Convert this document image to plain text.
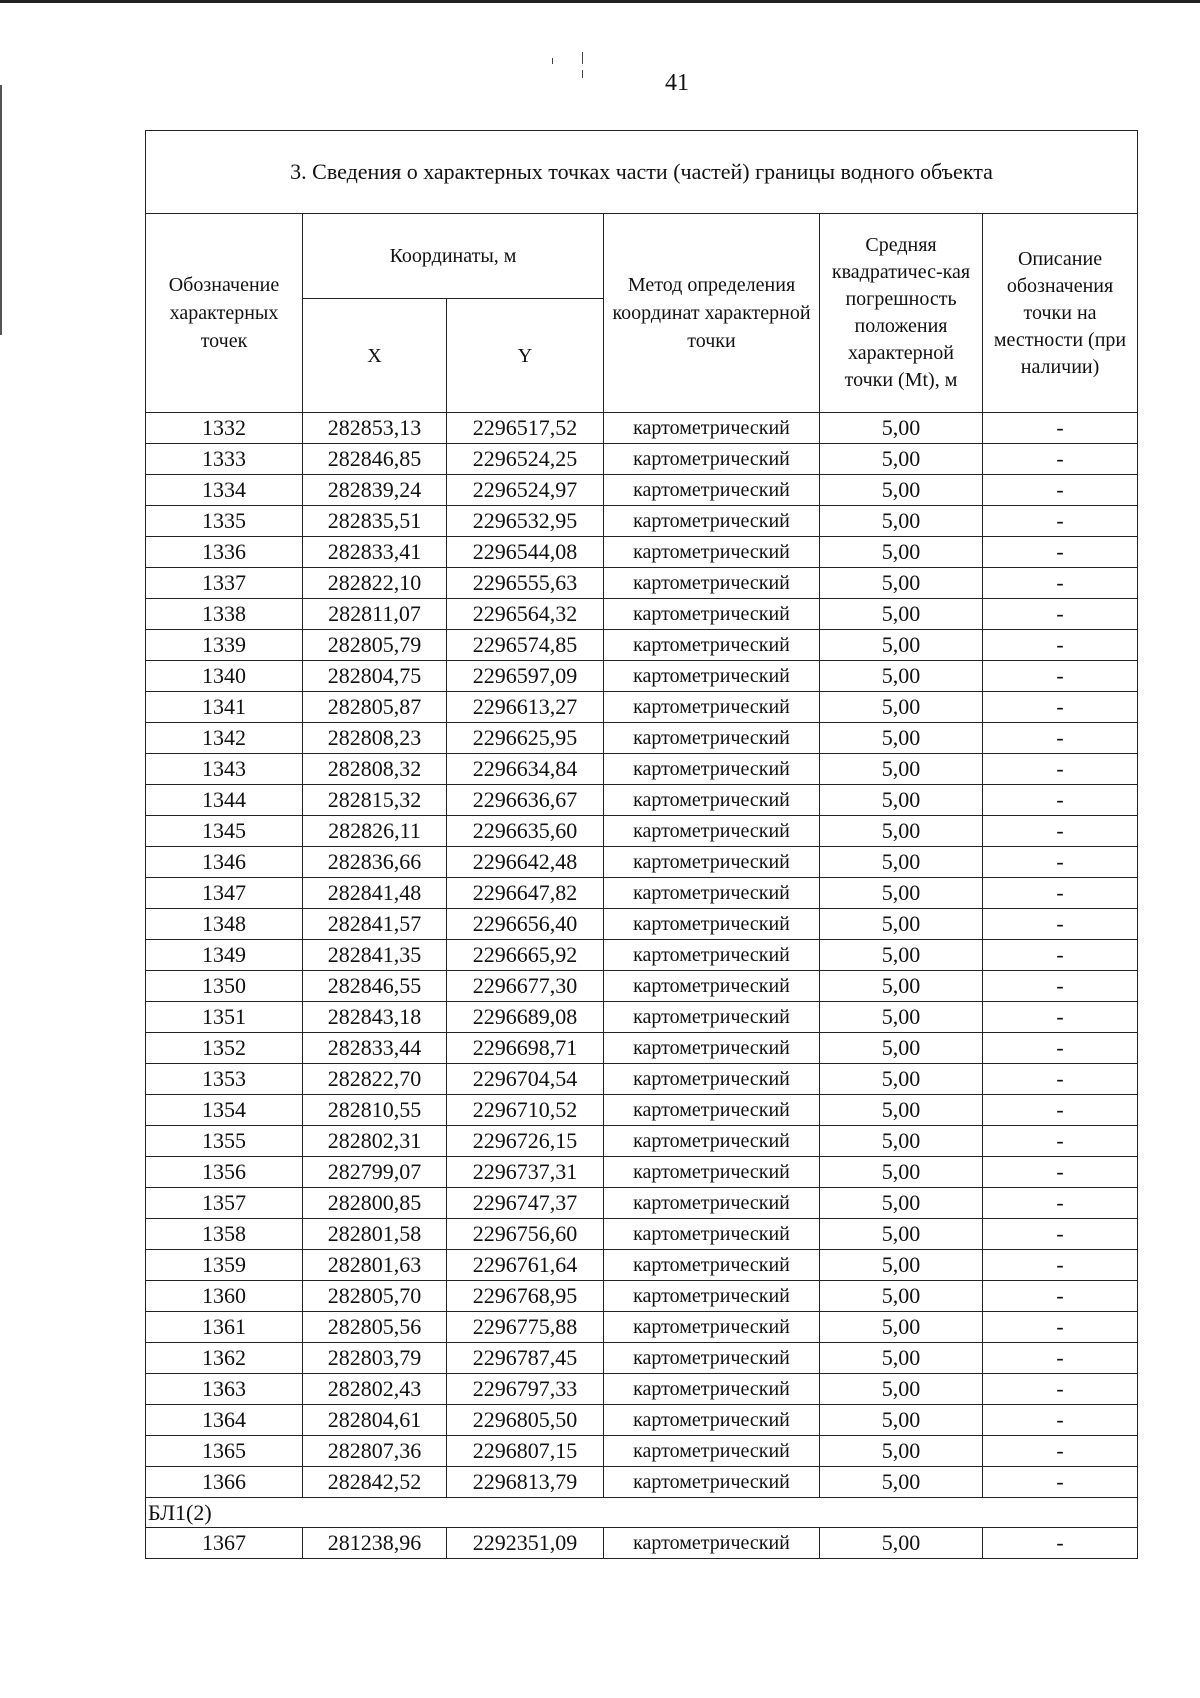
41
3. Сведения о характерных точках части (частей) границы водного объекта					
Обозначение характерных точек	Координаты, м		Метод определения координат характерной точки	Средняя квадратичес-кая погрешность положения характерной точки (Mt), м	Описание обозначения точки на местности (при наличии)
	X	Y			
1332	282853,13	2296517,52	картометрический	5,00	-
1333	282846,85	2296524,25	картометрический	5,00	-
1334	282839,24	2296524,97	картометрический	5,00	-
1335	282835,51	2296532,95	картометрический	5,00	-
1336	282833,41	2296544,08	картометрический	5,00	-
1337	282822,10	2296555,63	картометрический	5,00	-
1338	282811,07	2296564,32	картометрический	5,00	-
1339	282805,79	2296574,85	картометрический	5,00	-
1340	282804,75	2296597,09	картометрический	5,00	-
1341	282805,87	2296613,27	картометрический	5,00	-
1342	282808,23	2296625,95	картометрический	5,00	-
1343	282808,32	2296634,84	картометрический	5,00	-
1344	282815,32	2296636,67	картометрический	5,00	-
1345	282826,11	2296635,60	картометрический	5,00	-
1346	282836,66	2296642,48	картометрический	5,00	-
1347	282841,48	2296647,82	картометрический	5,00	-
1348	282841,57	2296656,40	картометрический	5,00	-
1349	282841,35	2296665,92	картометрический	5,00	-
1350	282846,55	2296677,30	картометрический	5,00	-
1351	282843,18	2296689,08	картометрический	5,00	-
1352	282833,44	2296698,71	картометрический	5,00	-
1353	282822,70	2296704,54	картометрический	5,00	-
1354	282810,55	2296710,52	картометрический	5,00	-
1355	282802,31	2296726,15	картометрический	5,00	-
1356	282799,07	2296737,31	картометрический	5,00	-
1357	282800,85	2296747,37	картометрический	5,00	-
1358	282801,58	2296756,60	картометрический	5,00	-
1359	282801,63	2296761,64	картометрический	5,00	-
1360	282805,70	2296768,95	картометрический	5,00	-
1361	282805,56	2296775,88	картометрический	5,00	-
1362	282803,79	2296787,45	картометрический	5,00	-
1363	282802,43	2296797,33	картометрический	5,00	-
1364	282804,61	2296805,50	картометрический	5,00	-
1365	282807,36	2296807,15	картометрический	5,00	-
1366	282842,52	2296813,79	картометрический	5,00	-
БЛ1(2)					
1367	281238,96	2292351,09	картометрический	5,00	-
